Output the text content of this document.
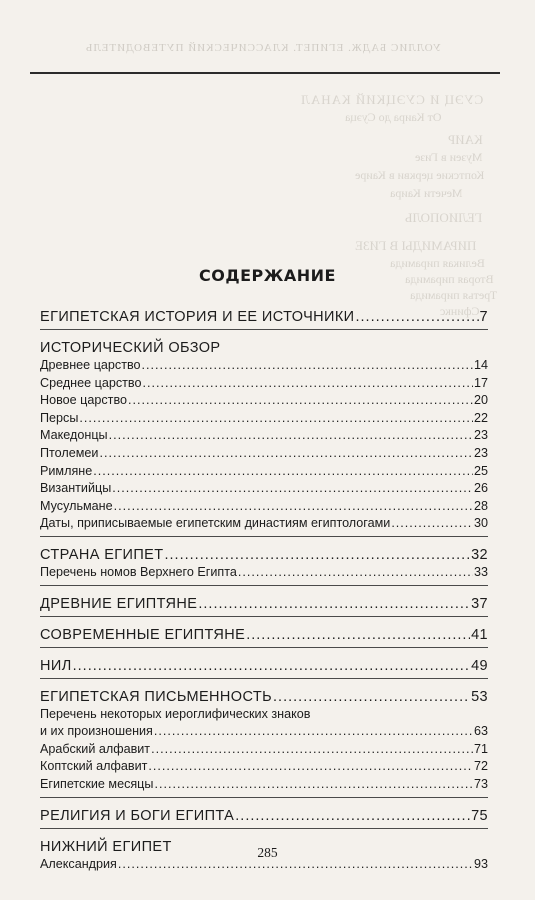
УОЛЛИС БАДЖ. ЕГИПЕТ. КЛАССИЧЕСКИЙ ПУТЕВОДИТЕЛЬ
СУЭЦ И СУЭЦКИЙ КАНАЛ
От Каира до Суэца
КАИР
Музеи в Гизе
Коптские церкви в Каире
Мечети Каира
ГЕЛИОПОЛЬ
ПИРАМИДЫ В ГИЗЕ
Великая пирамида
Вторая пирамида
Третья пирамида
Сфинкс
СОДЕРЖАНИЕ
ЕГИПЕТСКАЯ ИСТОРИЯ И ЕЕ ИСТОЧНИКИ .....	7
ИСТОРИЧЕСКИЙ ОБЗОР
Древнее царство .....	14
Среднее царство .....	17
Новое царство .....	20
Персы .....	22
Македонцы .....	23
Птолемеи .....	23
Римляне .....	25
Византийцы .....	26
Мусульмане .....	28
Даты, приписываемые египетским династиям египтологами .....	30
СТРАНА ЕГИПЕТ .....	32
Перечень номов Верхнего Египта .....	33
ДРЕВНИЕ ЕГИПТЯНЕ .....	37
СОВРЕМЕННЫЕ ЕГИПТЯНЕ .....	41
НИЛ .....	49
ЕГИПЕТСКАЯ ПИСЬМЕННОСТЬ .....	53
Перечень некоторых иероглифических знаков
и их произношения .....	63
Арабский алфавит .....	71
Коптский алфавит .....	72
Египетские месяцы .....	73
РЕЛИГИЯ И БОГИ ЕГИПТА .....	75
НИЖНИЙ ЕГИПЕТ
Александрия .....	93
285
